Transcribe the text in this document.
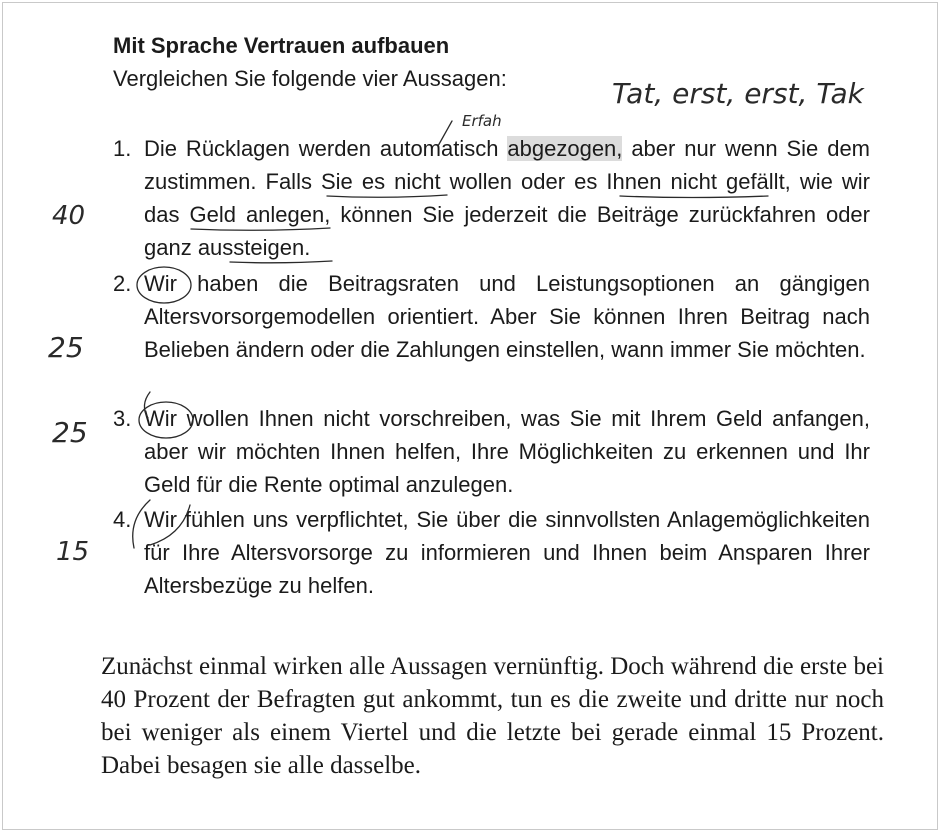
Mit Sprache Vertrauen aufbauen
Vergleichen Sie folgende vier Aussagen:
1. Die Rücklagen werden automatisch abgezogen, aber nur wenn Sie dem zustimmen. Falls Sie es nicht wollen oder es Ihnen nicht gefällt, wie wir das Geld anlegen, können Sie jederzeit die Beiträge zurückfahren oder ganz aussteigen.
2. Wir haben die Beitragsraten und Leistungsoptionen an gängigen Altersvorsorgemodellen orientiert. Aber Sie können Ihren Beitrag nach Belieben ändern oder die Zahlungen einstellen, wann immer Sie möchten.
3. Wir wollen Ihnen nicht vorschreiben, was Sie mit Ihrem Geld anfangen, aber wir möchten Ihnen helfen, Ihre Möglichkeiten zu erkennen und Ihr Geld für die Rente optimal anzulegen.
4. Wir fühlen uns verpflichtet, Sie über die sinnvollsten Anlagemöglichkeiten für Ihre Altersvorsorge zu informieren und Ihnen beim Ansparen Ihrer Altersbezüge zu helfen.

Zunächst einmal wirken alle Aussagen vernünftig. Doch während die erste bei 40 Prozent der Befragten gut ankommt, tun es die zweite und dritte nur noch bei weniger als einem Viertel und die letzte bei gerade einmal 15 Prozent. Dabei besagen sie alle dasselbe.

Tat, erst, erst, Tak
Erfah
40
25
25
15
